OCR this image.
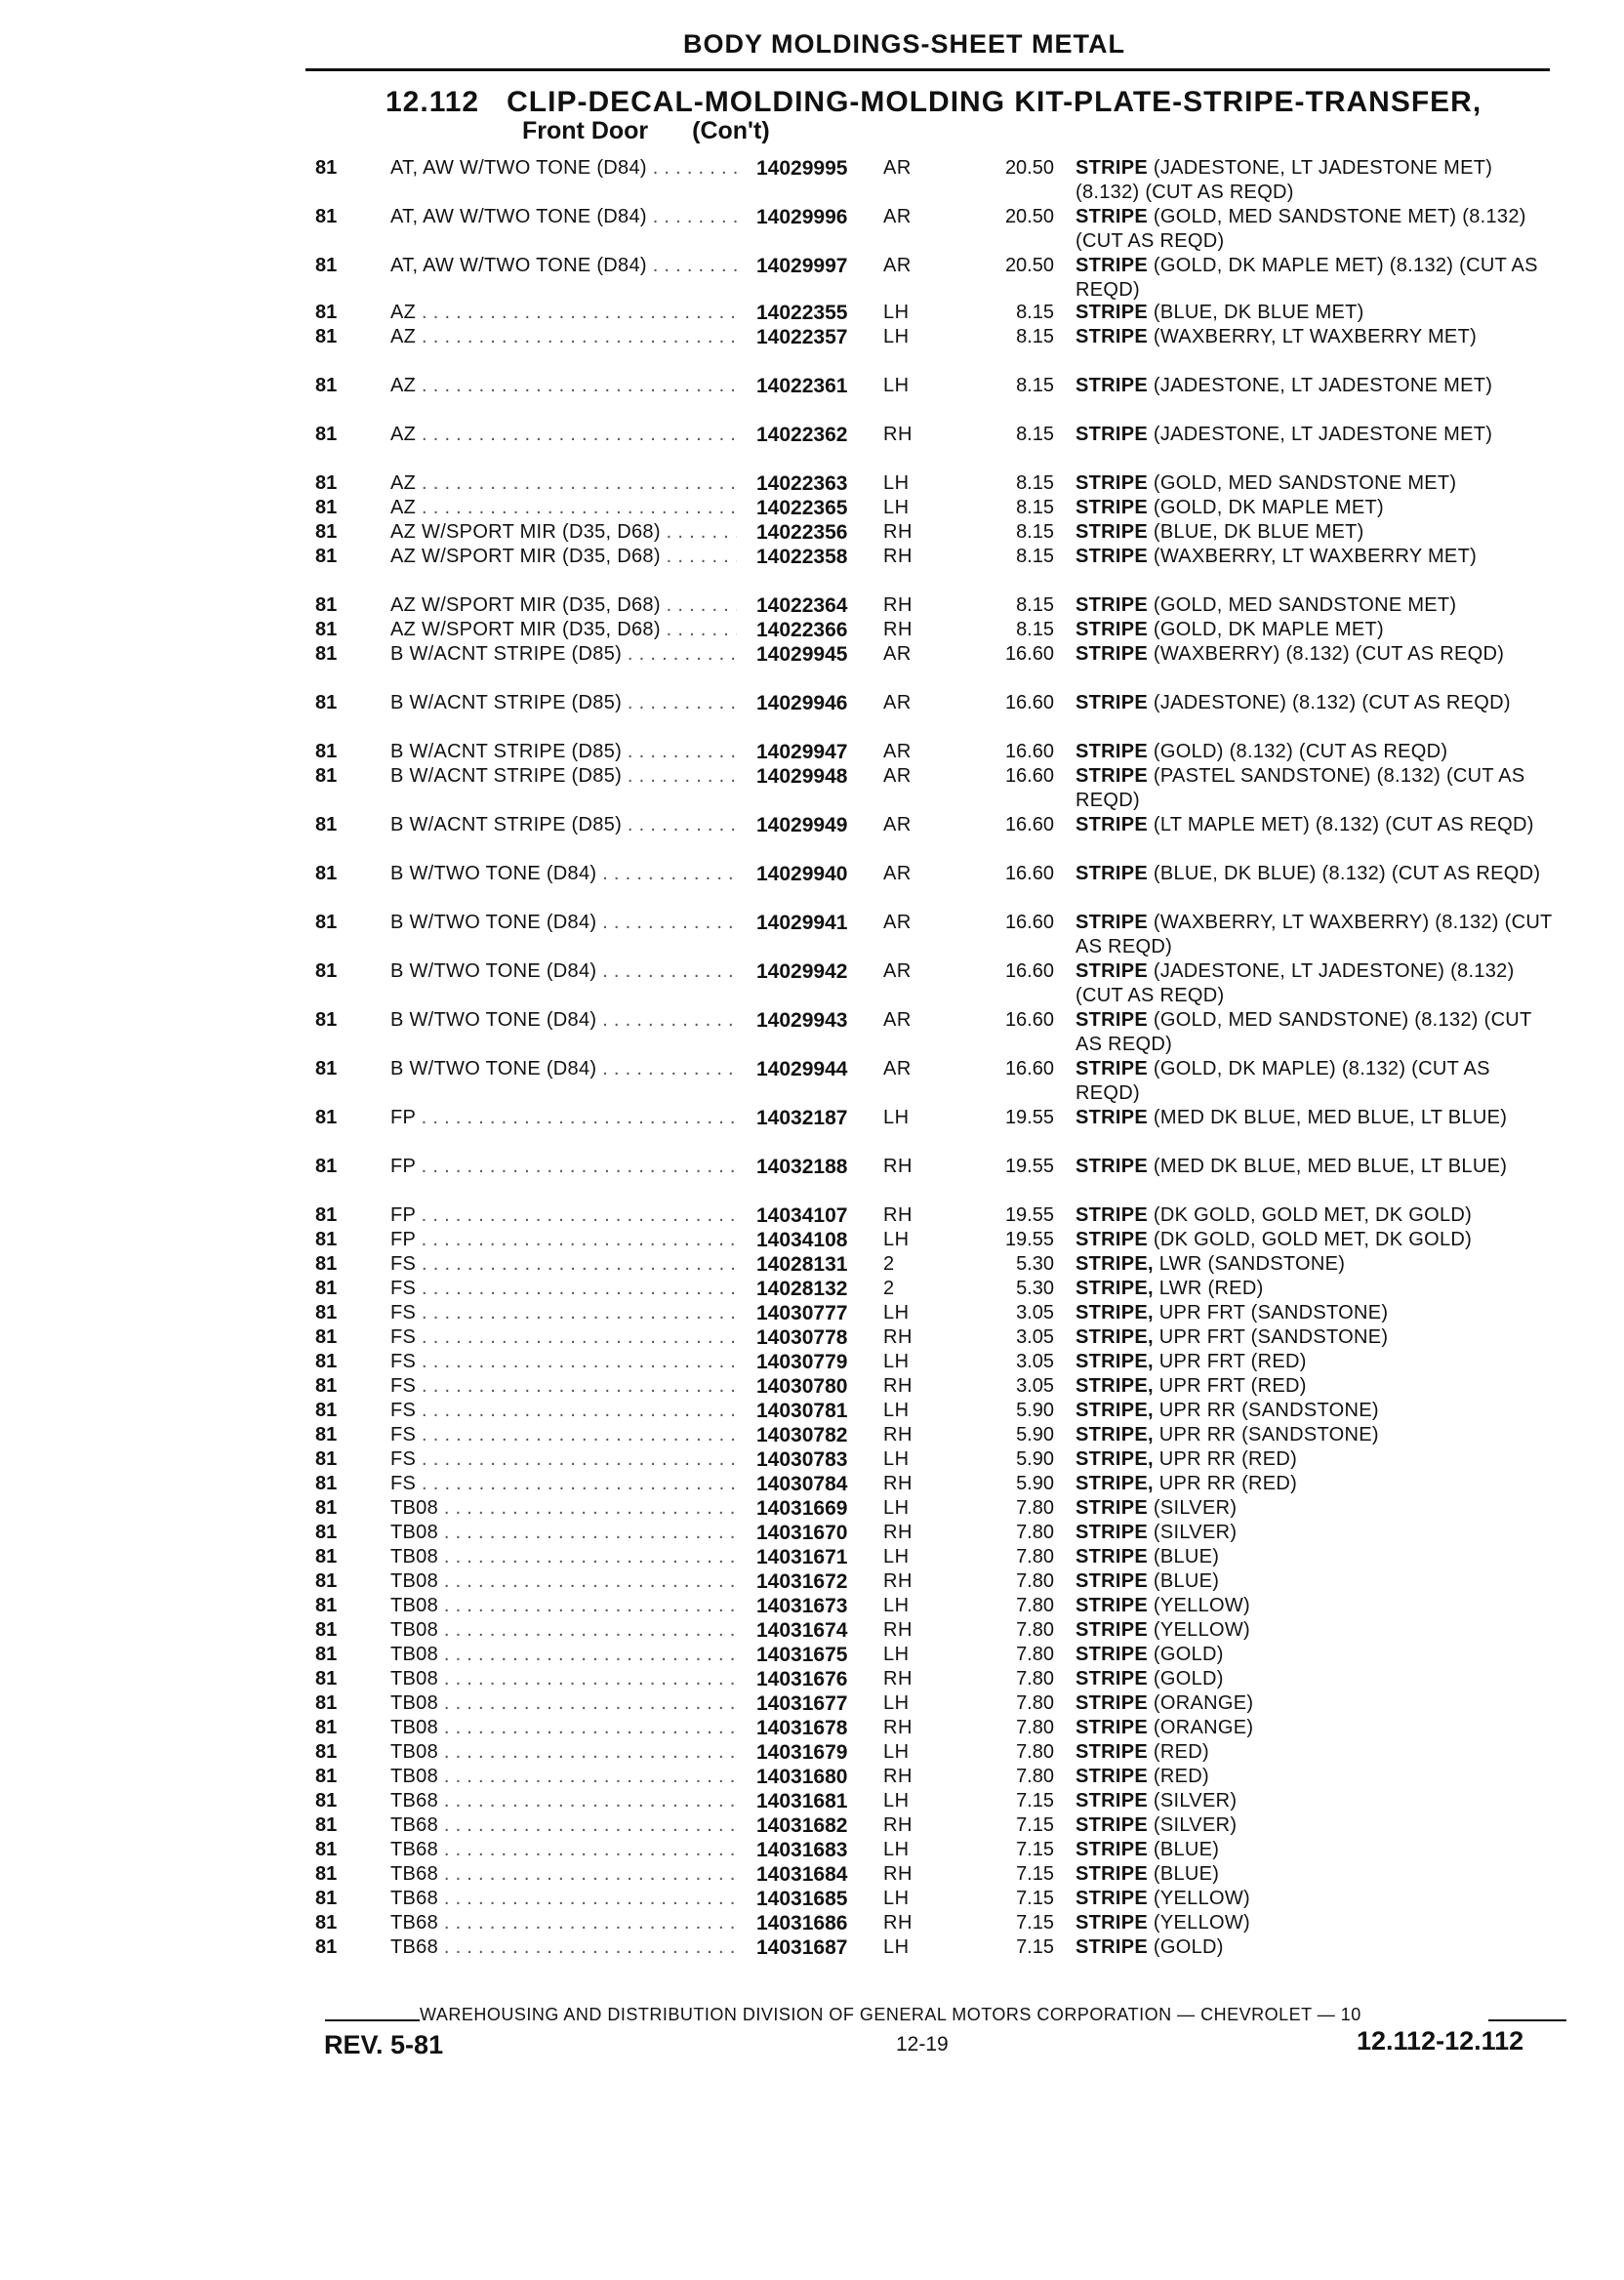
BODY MOLDINGS-SHEET METAL
12.112 CLIP-DECAL-MOLDING-MOLDING KIT-PLATE-STRIPE-TRANSFER,
Front Door (Con't)
81	AT, AW W/TWO TONE (D84) . . .	14029995 AR	20.50 STRIPE (JADESTONE, LT JADESTONE MET) (8.132) (CUT AS REQD)
81	AT, AW W/TWO TONE (D84) . . .	14029996 AR	20.50 STRIPE (GOLD, MED SANDSTONE MET) (8.132) (CUT AS REQD)
81	AT, AW W/TWO TONE (D84) . . .	14029997 AR	20.50 STRIPE (GOLD, DK MAPLE MET) (8.132) (CUT AS REQD)
81	AZ . . .	14022355 LH	8.15 STRIPE (BLUE, DK BLUE MET)
81	AZ . . .	14022357 LH	8.15 STRIPE (WAXBERRY, LT WAXBERRY MET)
81	AZ . . .	14022361 LH	8.15 STRIPE (JADESTONE, LT JADESTONE MET)
81	AZ . . .	14022362 RH	8.15 STRIPE (JADESTONE, LT JADESTONE MET)
81	AZ . . .	14022363 LH	8.15 STRIPE (GOLD, MED SANDSTONE MET)
81	AZ . . .	14022365 LH	8.15 STRIPE (GOLD, DK MAPLE MET)
81	AZ W/SPORT MIR (D35, D68) . . .	14022356 RH	8.15 STRIPE (BLUE, DK BLUE MET)
81	AZ W/SPORT MIR (D35, D68) . . .	14022358 RH	8.15 STRIPE (WAXBERRY, LT WAXBERRY MET)
81	AZ W/SPORT MIR (D35, D68) . . .	14022364 RH	8.15 STRIPE (GOLD, MED SANDSTONE MET)
81	AZ W/SPORT MIR (D35, D68) . . .	14022366 RH	8.15 STRIPE (GOLD, DK MAPLE MET)
81	B W/ACNT STRIPE (D85) . . .	14029945 AR	16.60 STRIPE (WAXBERRY) (8.132) (CUT AS REQD)
81	B W/ACNT STRIPE (D85) . . .	14029946 AR	16.60 STRIPE (JADESTONE) (8.132) (CUT AS REQD)
81	B W/ACNT STRIPE (D85) . . .	14029947 AR	16.60 STRIPE (GOLD) (8.132) (CUT AS REQD)
81	B W/ACNT STRIPE (D85) . . .	14029948 AR	16.60 STRIPE (PASTEL SANDSTONE) (8.132) (CUT AS REQD)
81	B W/ACNT STRIPE (D85) . . .	14029949 AR	16.60 STRIPE (LT MAPLE MET) (8.132) (CUT AS REQD)
81	B W/TWO TONE (D84) . . .	14029940 AR	16.60 STRIPE (BLUE, DK BLUE) (8.132) (CUT AS REQD)
81	B W/TWO TONE (D84) . . .	14029941 AR	16.60 STRIPE (WAXBERRY, LT WAXBERRY) (8.132) (CUT AS REQD)
81	B W/TWO TONE (D84) . . .	14029942 AR	16.60 STRIPE (JADESTONE, LT JADESTONE) (8.132) (CUT AS REQD)
81	B W/TWO TONE (D84) . . .	14029943 AR	16.60 STRIPE (GOLD, MED SANDSTONE) (8.132) (CUT AS REQD)
81	B W/TWO TONE (D84) . . .	14029944 AR	16.60 STRIPE (GOLD, DK MAPLE) (8.132) (CUT AS REQD)
81	FP . . .	14032187 LH	19.55 STRIPE (MED DK BLUE, MED BLUE, LT BLUE)
81	FP . . .	14032188 RH	19.55 STRIPE (MED DK BLUE, MED BLUE, LT BLUE)
81	FP . . .	14034107 RH	19.55 STRIPE (DK GOLD, GOLD MET, DK GOLD)
81	FP . . .	14034108 LH	19.55 STRIPE (DK GOLD, GOLD MET, DK GOLD)
81	FS . . .	14028131 2	5.30 STRIPE, LWR (SANDSTONE)
81	FS . . .	14028132 2	5.30 STRIPE, LWR (RED)
81	FS . . .	14030777 LH	3.05 STRIPE, UPR FRT (SANDSTONE)
81	FS . . .	14030778 RH	3.05 STRIPE, UPR FRT (SANDSTONE)
81	FS . . .	14030779 LH	3.05 STRIPE, UPR FRT (RED)
81	FS . . .	14030780 RH	3.05 STRIPE, UPR FRT (RED)
81	FS . . .	14030781 LH	5.90 STRIPE, UPR RR (SANDSTONE)
81	FS . . .	14030782 RH	5.90 STRIPE, UPR RR (SANDSTONE)
81	FS . . .	14030783 LH	5.90 STRIPE, UPR RR (RED)
81	FS . . .	14030784 RH	5.90 STRIPE, UPR RR (RED)
81	TB08 . . .	14031669 LH	7.80 STRIPE (SILVER)
81	TB08 . . .	14031670 RH	7.80 STRIPE (SILVER)
81	TB08 . . .	14031671 LH	7.80 STRIPE (BLUE)
81	TB08 . . .	14031672 RH	7.80 STRIPE (BLUE)
81	TB08 . . .	14031673 LH	7.80 STRIPE (YELLOW)
81	TB08 . . .	14031674 RH	7.80 STRIPE (YELLOW)
81	TB08 . . .	14031675 LH	7.80 STRIPE (GOLD)
81	TB08 . . .	14031676 RH	7.80 STRIPE (GOLD)
81	TB08 . . .	14031677 LH	7.80 STRIPE (ORANGE)
81	TB08 . . .	14031678 RH	7.80 STRIPE (ORANGE)
81	TB08 . . .	14031679 LH	7.80 STRIPE (RED)
81	TB08 . . .	14031680 RH	7.80 STRIPE (RED)
81	TB68 . . .	14031681 LH	7.15 STRIPE (SILVER)
81	TB68 . . .	14031682 RH	7.15 STRIPE (SILVER)
81	TB68 . . .	14031683 LH	7.15 STRIPE (BLUE)
81	TB68 . . .	14031684 RH	7.15 STRIPE (BLUE)
81	TB68 . . .	14031685 LH	7.15 STRIPE (YELLOW)
81	TB68 . . .	14031686 RH	7.15 STRIPE (YELLOW)
81	TB68 . . .	14031687 LH	7.15 STRIPE (GOLD)
WAREHOUSING AND DISTRIBUTION DIVISION OF GENERAL MOTORS CORPORATION — CHEVROLET — 10
REV. 5-81	12-19	12.112-12.112
